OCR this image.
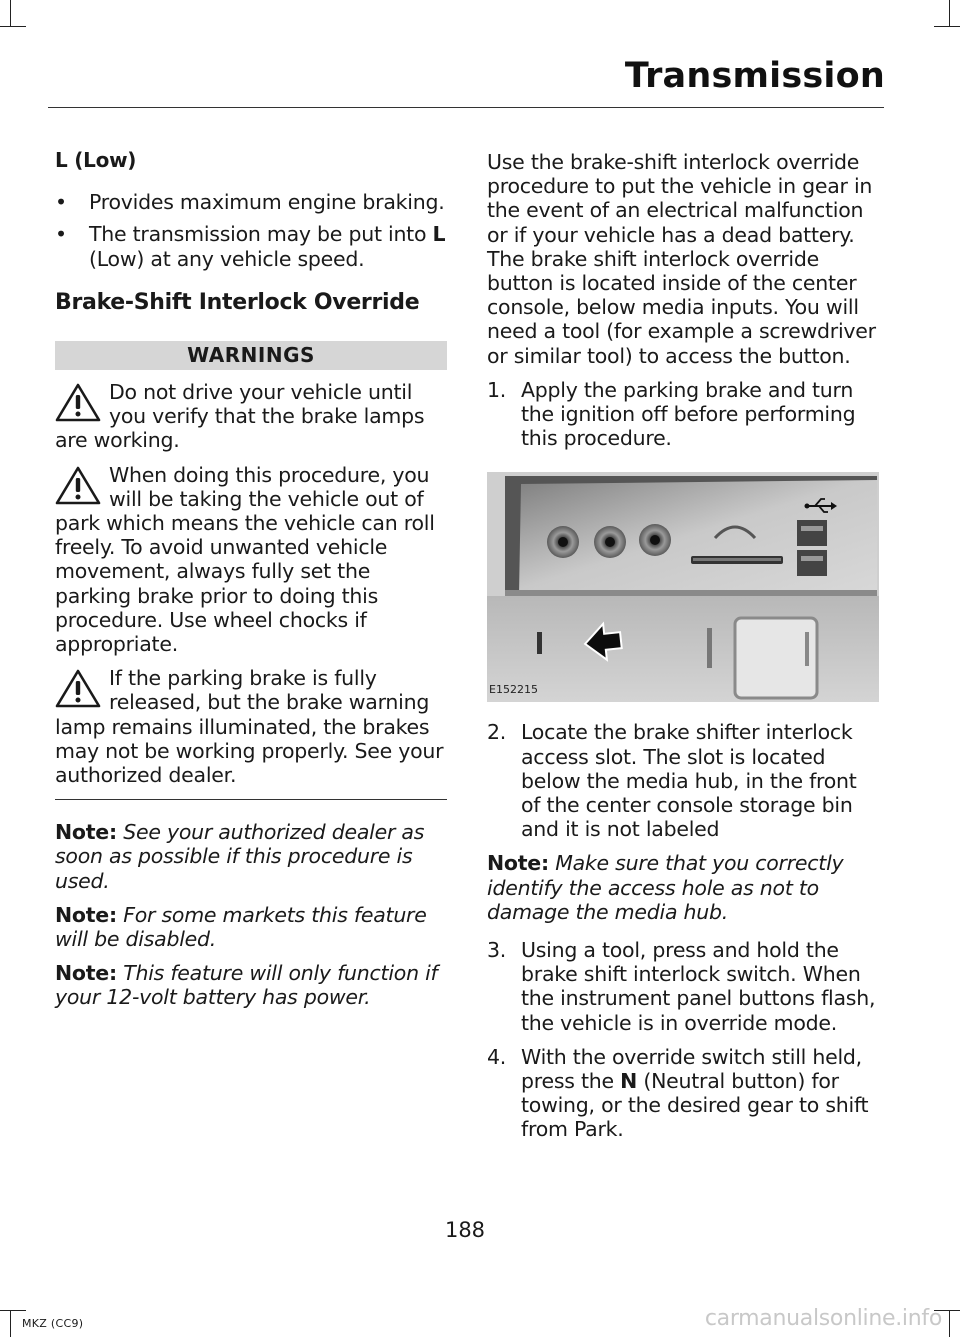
Transmission

L (Low)

• Provides maximum engine braking.
• The transmission may be put into L (Low) at any vehicle speed.

Brake-Shift Interlock Override

WARNINGS

Do not drive your vehicle until you verify that the brake lamps are working.

When doing this procedure, you will be taking the vehicle out of park which means the vehicle can roll freely. To avoid unwanted vehicle movement, always fully set the parking brake prior to doing this procedure. Use wheel chocks if appropriate.

If the parking brake is fully released, but the brake warning lamp remains illuminated, the brakes may not be working properly. See your authorized dealer.

Note: See your authorized dealer as soon as possible if this procedure is used.

Note: For some markets this feature will be disabled.

Note: This feature will only function if your 12-volt battery has power.

Use the brake-shift interlock override procedure to put the vehicle in gear in the event of an electrical malfunction or if your vehicle has a dead battery. The brake shift interlock override button is located inside of the center console, below media inputs. You will need a tool (for example a screwdriver or similar tool) to access the button.

1. Apply the parking brake and turn the ignition off before performing this procedure.
E152215
2. Locate the brake shifter interlock access slot. The slot is located below the media hub, in the front of the center console storage bin and it is not labeled

Note: Make sure that you correctly identify the access hole as not to damage the media hub.

3. Using a tool, press and hold the brake shift interlock switch. When the instrument panel buttons flash, the vehicle is in override mode.
4. With the override switch still held, press the N (Neutral button) for towing, or the desired gear to shift from Park.
188
MKZ (CC9)	carmanualsonline.info
